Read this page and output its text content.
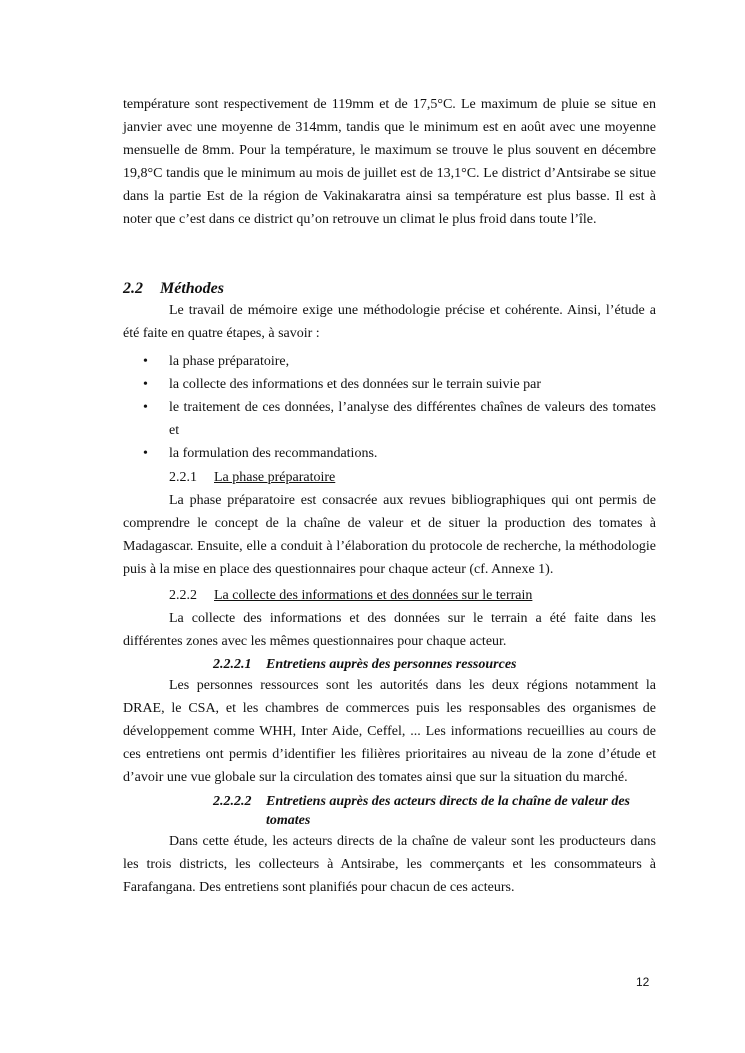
température sont respectivement de 119mm et de 17,5°C. Le maximum de pluie se situe en janvier avec une moyenne de 314mm, tandis que le minimum est en août avec une moyenne mensuelle de 8mm. Pour la température, le maximum se trouve le plus souvent en décembre 19,8°C tandis que le minimum au mois de juillet est de 13,1°C. Le district d’Antsirabe se situe dans la partie Est de la région de Vakinakaratra ainsi sa température est plus basse. Il est à noter que c’est dans ce district qu’on retrouve un climat le plus froid dans toute l’île.

2.2 Méthodes

Le travail de mémoire exige une méthodologie précise et cohérente. Ainsi, l’étude a été faite en quatre étapes, à savoir :

• la phase préparatoire,
• la collecte des informations et des données sur le terrain suivie par
• le traitement de ces données, l’analyse des différentes chaînes de valeurs des tomates et
• la formulation des recommandations.
2.2.1 La phase préparatoire

La phase préparatoire est consacrée aux revues bibliographiques qui ont permis de comprendre le concept de la chaîne de valeur et de situer la production des tomates à Madagascar. Ensuite, elle a conduit à l’élaboration du protocole de recherche, la méthodologie puis à la mise en place des questionnaires pour chaque acteur (cf. Annexe 1).

2.2.2 La collecte des informations et des données sur le terrain

La collecte des informations et des données sur le terrain a été faite dans les différentes zones avec les mêmes questionnaires pour chaque acteur.

2.2.2.1	Entretiens auprès des personnes ressources

Les personnes ressources sont les autorités dans les deux régions notamment la DRAE, le CSA, et les chambres de commerces puis les responsables des organismes de développement comme WHH, Inter Aide, Ceffel, ... Les informations recueillies au cours de ces entretiens ont permis d’identifier les filières prioritaires au niveau de la zone d’étude et d’avoir une vue globale sur la circulation des tomates ainsi que sur la situation du marché.

2.2.2.2	Entretiens auprès des acteurs directs de la chaîne de valeur des tomates

Dans cette étude, les acteurs directs de la chaîne de valeur sont les producteurs dans les trois districts, les collecteurs à Antsirabe, les commerçants et les consommateurs à Farafangana. Des entretiens sont planifiés pour chacun de ces acteurs.

12
